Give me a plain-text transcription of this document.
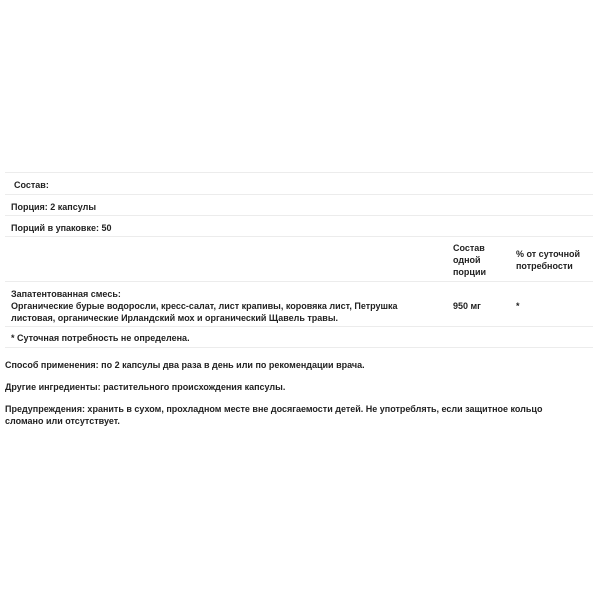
Состав:
Порция: 2 капсулы
Порций в упаковке: 50
Состав
одной
порции
% от суточной
потребности
Запатентованная смесь:
Органические бурые водоросли, кресс-салат, лист крапивы, коровяка лист, Петрушка
листовая, органические Ирландский мох и органический Щавель травы.
950 мг	*
* Суточная потребность не определена.

Способ применения: по 2 капсулы два раза в день или по рекомендации врача.

Другие ингредиенты: растительного происхождения капсулы.

Предупреждения: хранить в сухом, прохладном месте вне досягаемости детей. Не употреблять, если защитное кольцо

сломано или отсутствует.
